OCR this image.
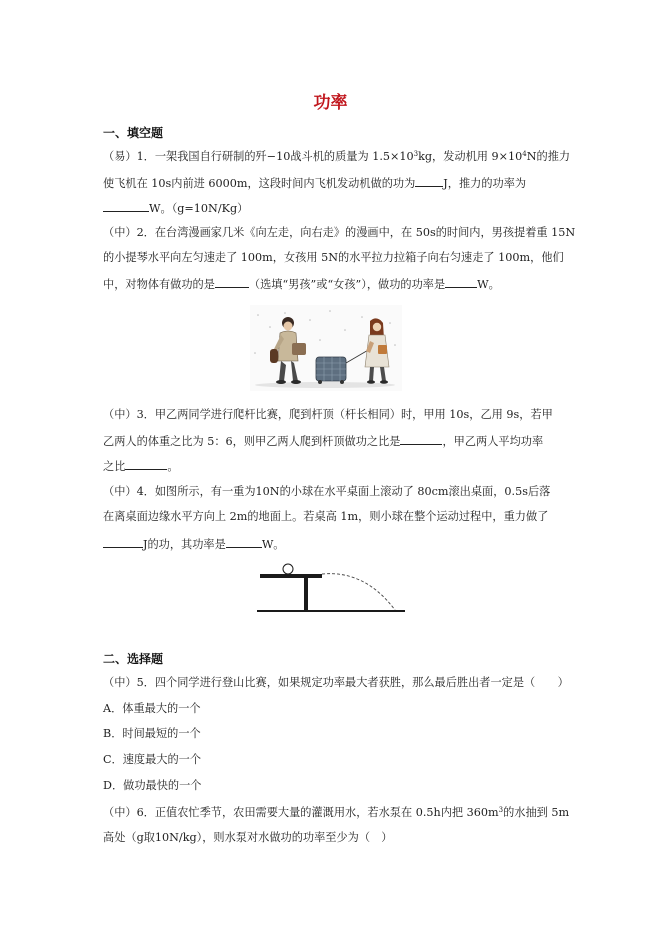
功率
一、填空题
（易）1．一架我国自行研制的歼−10战斗机的质量为 $1.5\times 10^3kg$，发动机用 $9\times 10^4N$的推力
使飞机在 10s内前进 6000m，这段时间内飞机发动机做的功为	J，推力的功率为
W。（g=10N/Kg）
（中）2．在台湾漫画家几米《向左走，向右走》的漫画中，在 50s的时间内，男孩提着重 15N
的小提琴水平向左匀速走了 100m，女孩用 5N的水平拉力拉箱子向右匀速走了 100m，他们
中，对物体有做功的是	（选填“男孩”或“女孩”），做功的功率是	W。
（中）3．甲乙两同学进行爬杆比赛，爬到杆顶（杆长相同）时，甲用 10s，乙用 9s，若甲
乙两人的体重之比为 5：6，则甲乙两人爬到杆顶做功之比是	，甲乙两人平均功率
之比	。
（中）4．如图所示，有一重为10N的小球在水平桌面上滚动了 80cm滚出桌面，0.5s后落
在离桌面边缘水平方向上 2m的地面上。若桌高 1m，则小球在整个运动过程中，重力做了
J的功，其功率是	W。
二、选择题
（中）5．四个同学进行登山比赛，如果规定功率最大者获胜，那么最后胜出者一定是（　　）
A．体重最大的一个
B．时间最短的一个
C．速度最大的一个
D．做功最快的一个
（中）6．正值农忙季节，农田需要大量的灌溉用水，若水泵在 0.5h内把 $360m^3$的水抽到 5m
高处（g取10N/kg），则水泵对水做功的功率至少为（　）
